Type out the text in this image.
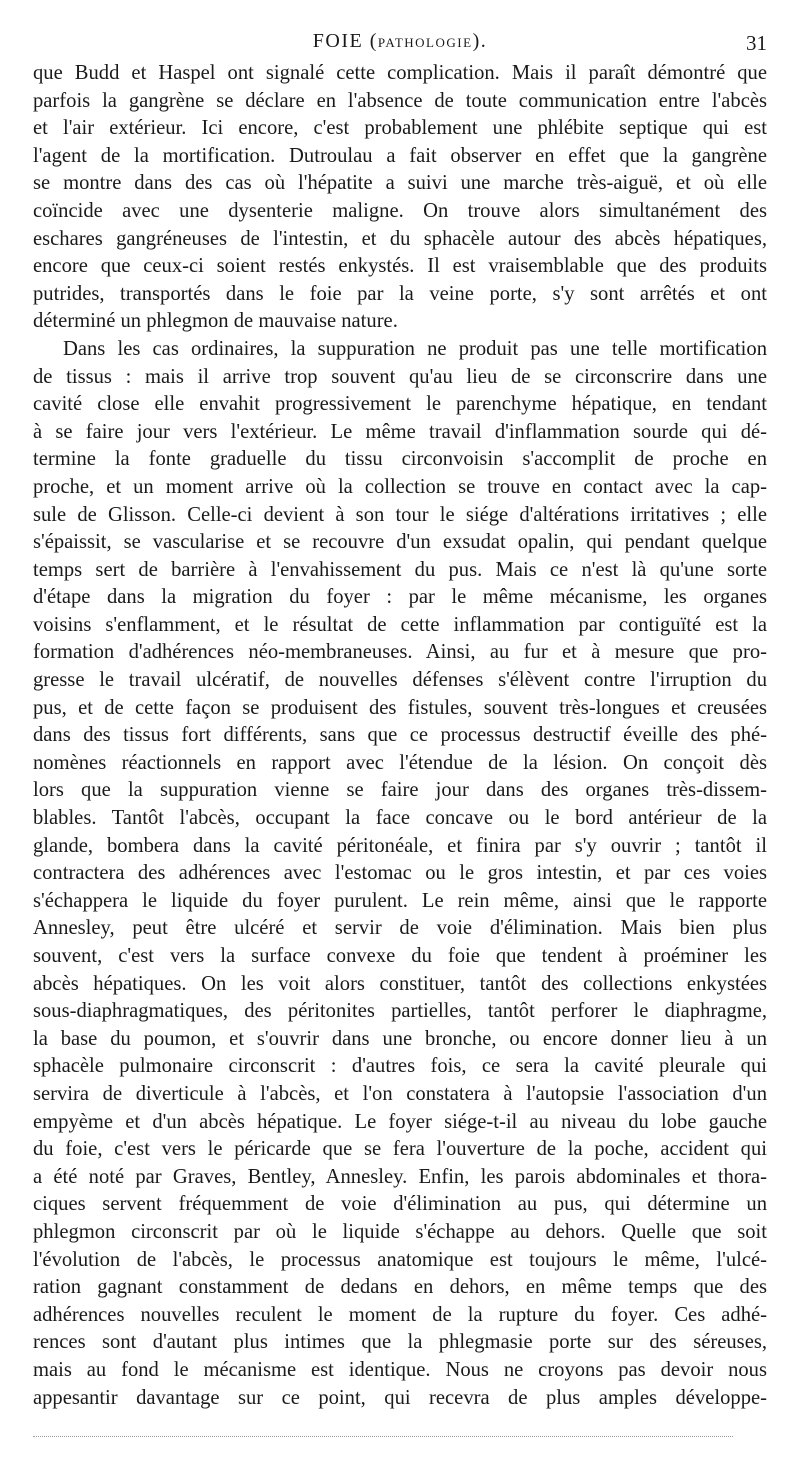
FOIE (PATHOLOGIE).	31
que Budd et Haspel ont signalé cette complication. Mais il paraît démontré que
parfois la gangrène se déclare en l'absence de toute communication entre l'abcès
et l'air extérieur. Ici encore, c'est probablement une phlébite septique qui est
l'agent de la mortification. Dutroulau a fait observer en effet que la gangrène
se montre dans des cas où l'hépatite a suivi une marche très-aiguë, et où elle
coïncide avec une dysenterie maligne. On trouve alors simultanément des
eschares gangréneuses de l'intestin, et du sphacèle autour des abcès hépatiques,
encore que ceux-ci soient restés enkystés. Il est vraisemblable que des produits
putrides, transportés dans le foie par la veine porte, s'y sont arrêtés et ont
déterminé un phlegmon de mauvaise nature.
Dans les cas ordinaires, la suppuration ne produit pas une telle mortification
de tissus : mais il arrive trop souvent qu'au lieu de se circonscrire dans une
cavité close elle envahit progressivement le parenchyme hépatique, en tendant
à se faire jour vers l'extérieur. Le même travail d'inflammation sourde qui dé-
termine la fonte graduelle du tissu circonvoisin s'accomplit de proche en
proche, et un moment arrive où la collection se trouve en contact avec la cap-
sule de Glisson. Celle-ci devient à son tour le siége d'altérations irritatives ; elle
s'épaissit, se vascularise et se recouvre d'un exsudat opalin, qui pendant quelque
temps sert de barrière à l'envahissement du pus. Mais ce n'est là qu'une sorte
d'étape dans la migration du foyer : par le même mécanisme, les organes
voisins s'enflamment, et le résultat de cette inflammation par contiguïté est la
formation d'adhérences néo-membraneuses. Ainsi, au fur et à mesure que pro-
gresse le travail ulcératif, de nouvelles défenses s'élèvent contre l'irruption du
pus, et de cette façon se produisent des fistules, souvent très-longues et creusées
dans des tissus fort différents, sans que ce processus destructif éveille des phé-
nomènes réactionnels en rapport avec l'étendue de la lésion. On conçoit dès
lors que la suppuration vienne se faire jour dans des organes très-dissem-
blables. Tantôt l'abcès, occupant la face concave ou le bord antérieur de la
glande, bombera dans la cavité péritonéale, et finira par s'y ouvrir ; tantôt il
contractera des adhérences avec l'estomac ou le gros intestin, et par ces voies
s'échappera le liquide du foyer purulent. Le rein même, ainsi que le rapporte
Annesley, peut être ulcéré et servir de voie d'élimination. Mais bien plus
souvent, c'est vers la surface convexe du foie que tendent à proéminer les
abcès hépatiques. On les voit alors constituer, tantôt des collections enkystées
sous-diaphragmatiques, des péritonites partielles, tantôt perforer le diaphragme,
la base du poumon, et s'ouvrir dans une bronche, ou encore donner lieu à un
sphacèle pulmonaire circonscrit : d'autres fois, ce sera la cavité pleurale qui
servira de diverticule à l'abcès, et l'on constatera à l'autopsie l'association d'un
empyème et d'un abcès hépatique. Le foyer siége-t-il au niveau du lobe gauche
du foie, c'est vers le péricarde que se fera l'ouverture de la poche, accident qui
a été noté par Graves, Bentley, Annesley. Enfin, les parois abdominales et thora-
ciques servent fréquemment de voie d'élimination au pus, qui détermine un
phlegmon circonscrit par où le liquide s'échappe au dehors. Quelle que soit
l'évolution de l'abcès, le processus anatomique est toujours le même, l'ulcé-
ration gagnant constamment de dedans en dehors, en même temps que des
adhérences nouvelles reculent le moment de la rupture du foyer. Ces adhé-
rences sont d'autant plus intimes que la phlegmasie porte sur des séreuses,
mais au fond le mécanisme est identique. Nous ne croyons pas devoir nous
appesantir davantage sur ce point, qui recevra de plus amples développe-
